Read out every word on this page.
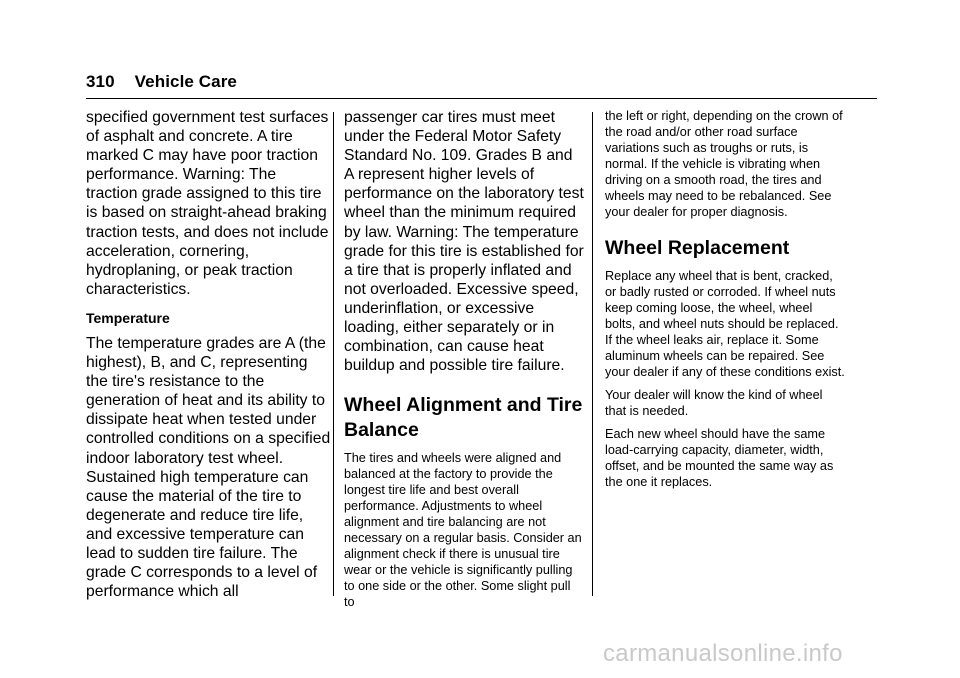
310 Vehicle Care

specified government test surfaces of asphalt and concrete. A tire marked C may have poor traction performance. Warning: The traction grade assigned to this tire is based on straight-ahead braking traction tests, and does not include acceleration, cornering, hydroplaning, or peak traction characteristics.

Temperature

The temperature grades are A (the highest), B, and C, representing the tire's resistance to the generation of heat and its ability to dissipate heat when tested under controlled conditions on a specified indoor laboratory test wheel. Sustained high temperature can cause the material of the tire to degenerate and reduce tire life, and excessive temperature can lead to sudden tire failure. The grade C corresponds to a level of performance which all

passenger car tires must meet under the Federal Motor Safety Standard No. 109. Grades B and A represent higher levels of performance on the laboratory test wheel than the minimum required by law. Warning: The temperature grade for this tire is established for a tire that is properly inflated and not overloaded. Excessive speed, underinflation, or excessive loading, either separately or in combination, can cause heat buildup and possible tire failure.

Wheel Alignment and Tire Balance

The tires and wheels were aligned and balanced at the factory to provide the longest tire life and best overall performance. Adjustments to wheel alignment and tire balancing are not necessary on a regular basis. Consider an alignment check if there is unusual tire wear or the vehicle is significantly pulling to one side or the other. Some slight pull to

the left or right, depending on the crown of the road and/or other road surface variations such as troughs or ruts, is normal. If the vehicle is vibrating when driving on a smooth road, the tires and wheels may need to be rebalanced. See your dealer for proper diagnosis.

Wheel Replacement

Replace any wheel that is bent, cracked, or badly rusted or corroded. If wheel nuts keep coming loose, the wheel, wheel bolts, and wheel nuts should be replaced. If the wheel leaks air, replace it. Some aluminum wheels can be repaired. See your dealer if any of these conditions exist.

Your dealer will know the kind of wheel that is needed.

Each new wheel should have the same load-carrying capacity, diameter, width, offset, and be mounted the same way as the one it replaces.

carmanualsonline.info
